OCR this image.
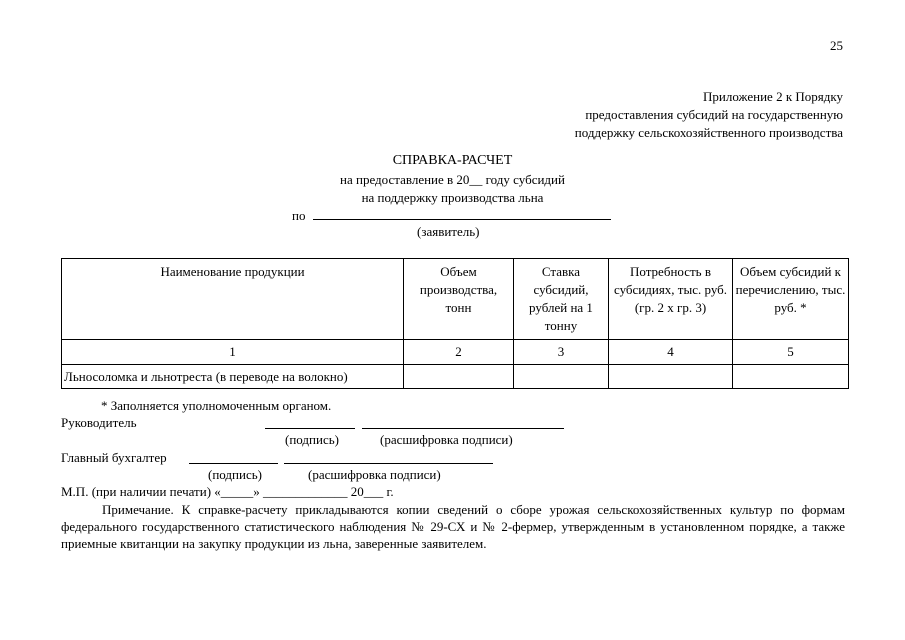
25
Приложение 2 к Порядку
предоставления субсидий на государственную
поддержку сельскохозяйственного производства
СПРАВКА-РАСЧЕТ
на предоставление в 20__ году субсидий
на поддержку производства льна
по
(заявитель)
Наименование продукции	Объем производства, тонн	Ставка субсидий, рублей на 1 тонну	Потребность в субсидиях, тыс. руб. (гр. 2 х гр. 3)	Объем субсидий к перечислению, тыс. руб. *
1	2	3	4	5
Льносоломка и льнотреста (в переводе на волокно)				
* Заполняется уполномоченным органом.
Руководитель
(подпись)	(расшифровка подписи)
Главный бухгалтер
(подпись)	(расшифровка подписи)
М.П. (при наличии печати) «_____» _____________ 20___ г.
Примечание. К справке-расчету прикладываются копии сведений о сборе урожая сельскохозяйственных культур по формам федерального государственного статистического наблюдения № 29-СХ и № 2-фермер, утвержденным в установленном порядке, а также приемные квитанции на закупку продукции из льна, заверенные заявителем.
